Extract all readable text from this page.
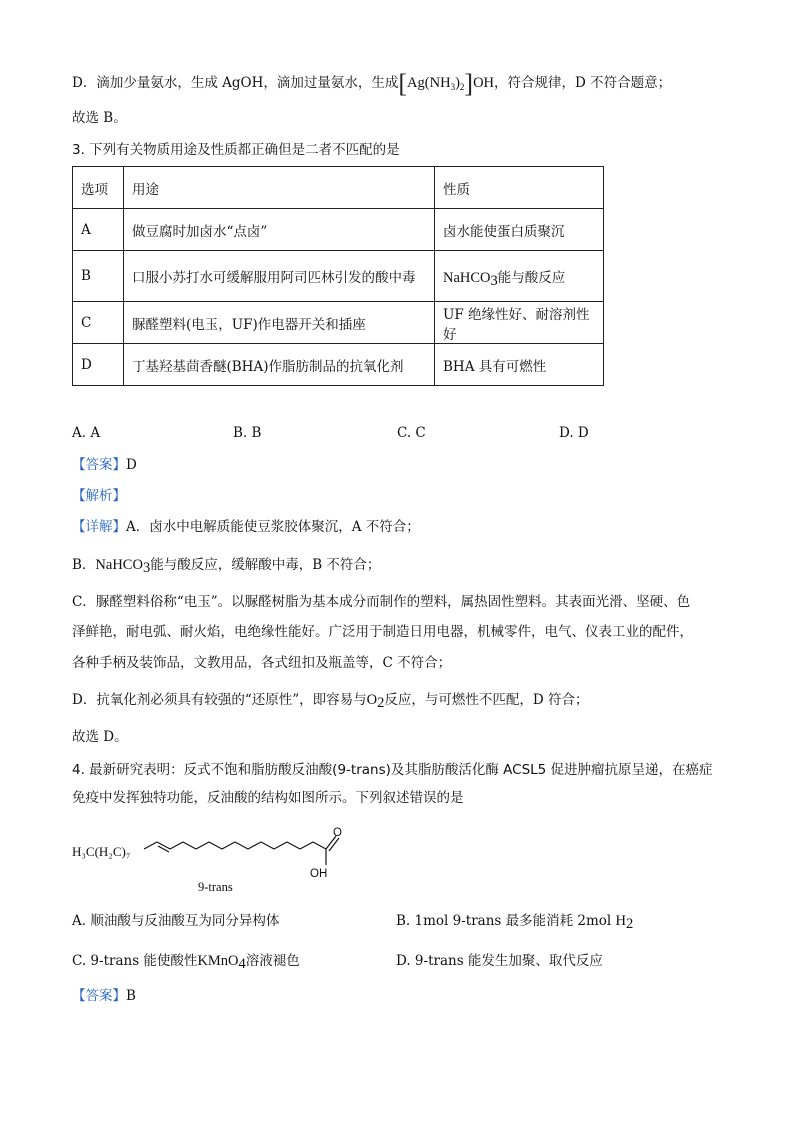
D．滴加少量氨水，生成 AgOH，滴加过量氨水，生成$[Ag(NH_3)_2]OH$，符合规律，D 不符合题意；
故选 B。
3. 下列有关物质用途及性质都正确但是二者不匹配的是
选项	用途	性质
A	做豆腐时加卤水“点卤”	卤水能使蛋白质聚沉
B	口服小苏打水可缓解服用阿司匹林引发的酸中毒	NaHCO$_3$能与酸反应
C	脲醛塑料(电玉，UF)作电器开关和插座	UF 绝缘性好、耐溶剂性好
D	丁基羟基茴香醚(BHA)作脂肪制品的抗氧化剂	BHA 具有可燃性
A. A	B. B	C. C	D. D
【答案】D
【解析】
【详解】A．卤水中电解质能使豆浆胶体聚沉，A 不符合；
B．NaHCO$_3$能与酸反应，缓解酸中毒，B 不符合；
C．脲醛塑料俗称“电玉”。以脲醛树脂为基本成分而制作的塑料，属热固性塑料。其表面光滑、坚硬、色
泽鲜艳，耐电弧、耐火焰，电绝缘性能好。广泛用于制造日用电器，机械零件，电气、仪表工业的配件，
各种手柄及装饰品，文教用品，各式纽扣及瓶盖等，C 不符合；
D．抗氧化剂必须具有较强的“还原性”，即容易与$O_2$反应，与可燃性不匹配，D 符合；
故选 D。
4. 最新研究表明：反式不饱和脂肪酸反油酸(9-trans)及其脂肪酸活化酶 ACSL5 促进肿瘤抗原呈递，在癌症
免疫中发挥独特功能，反油酸的结构如图所示。下列叙述错误的是
H₃C(H₂C)₇
O
OH
9-trans
A. 顺油酸与反油酸互为同分异构体	B. 1mol 9-trans 最多能消耗 2mol $H_2$
C. 9-trans 能使酸性KMnO$_4$溶液褪色	D. 9-trans 能发生加聚、取代反应
【答案】B
